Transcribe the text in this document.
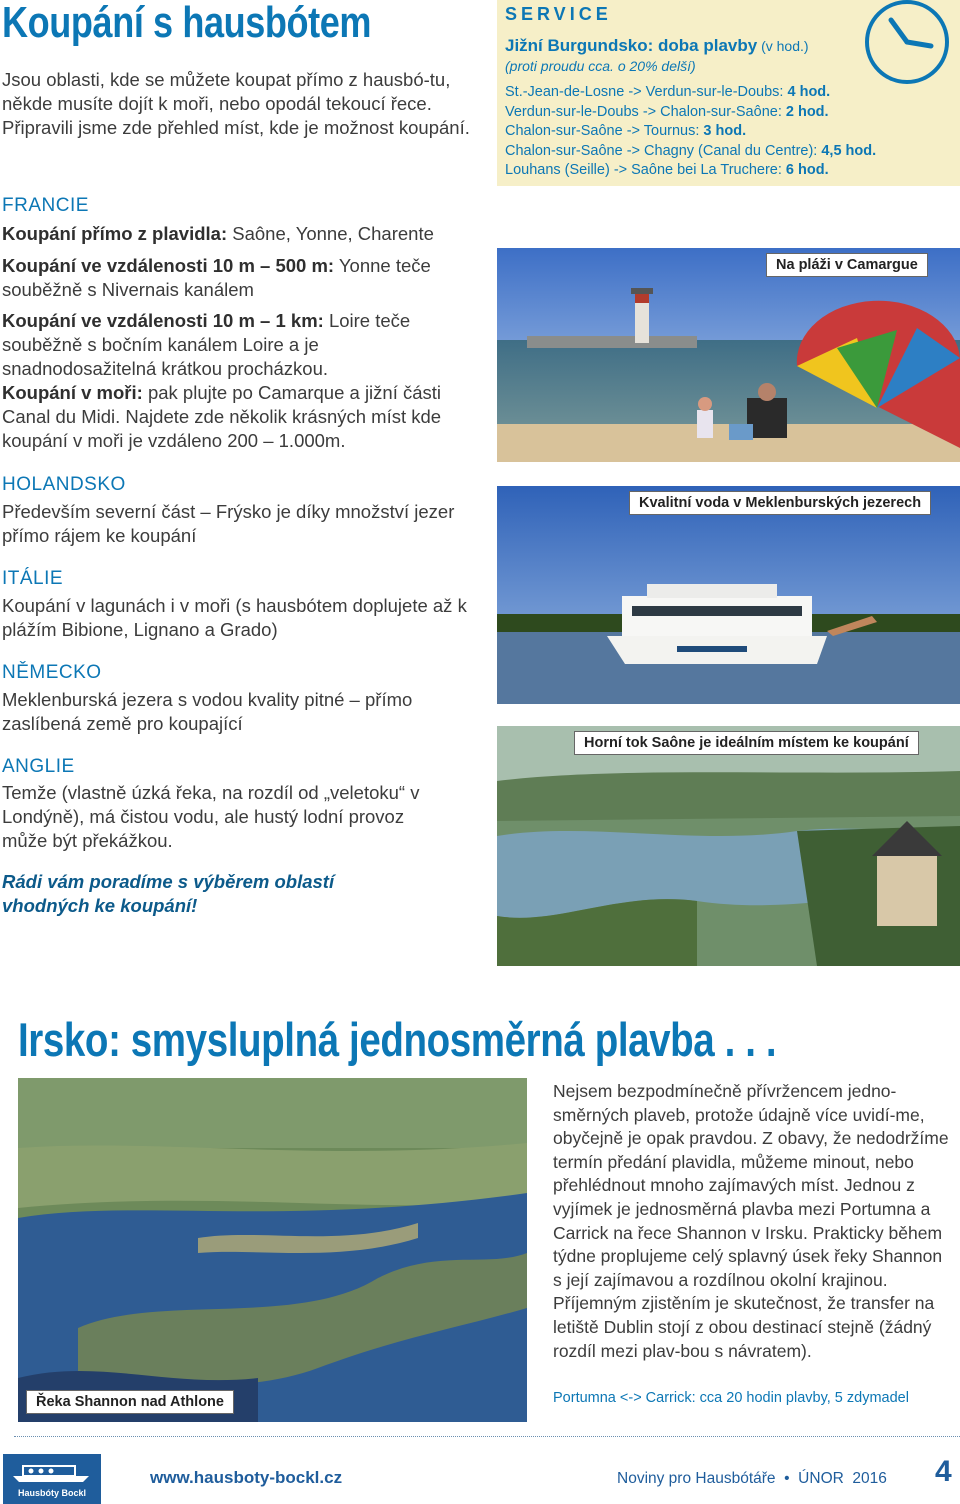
Koupání s hausbótem
Jsou oblasti, kde se můžete koupat přímo z hausbó-tu, někde musíte dojít k moři, nebo opodál tekoucí řece. Připravili jsme zde přehled míst, kde je možnost koupání.
FRANCIE
Koupání přímo z plavidla: Saône, Yonne, Charente
Koupání ve vzdálenosti 10 m – 500 m: Yonne teče souběžně s Nivernais kanálem
Koupání ve vzdálenosti 10 m – 1 km: Loire teče souběžně s bočním kanálem Loire a je snadnodosažitelná krátkou procházkou.
Koupání v moři: pak plujte po Camarque a jižní části Canal du Midi. Najdete zde několik krásných míst kde koupání v moři je vzdáleno 200 – 1.000m.
HOLANDSKO
Především severní část – Frýsko je díky množství jezer přímo rájem ke koupání
ITÁLIE
Koupání v lagunách i v moři (s hausbótem doplujete až k plážím Bibione, Lignano a Grado)
NĚMECKO
Meklenburská jezera s vodou kvality pitné – přímo zaslíbená země pro koupající
ANGLIE
Temže (vlastně úzká řeka, na rozdíl od „veletoku“ v Londýně), má čistou vodu, ale hustý lodní provoz může být překážkou.
Rádi vám poradíme s výběrem oblastí vhodných ke koupání!
SERVICE
Jižní Burgundsko: doba plavby (v hod.)
(proti proudu cca. o 20% delší)
St.-Jean-de-Losne -> Verdun-sur-le-Doubs: 4 hod.
Verdun-sur-le-Doubs -> Chalon-sur-Saône: 2 hod.
Chalon-sur-Saône -> Tournus: 3 hod.
Chalon-sur-Saône -> Chagny (Canal du Centre): 4,5 hod.
Louhans (Seille) -> Saône bei La Truchere: 6 hod.
Na pláži v Camargue
Kvalitní voda v Meklenburských jezerech
Horní tok Saône je ideálním místem ke koupání
Irsko: smysluplná jednosměrná plavba . . .
Řeka Shannon nad Athlone
Nejsem bezpodmínečně přívržencem jedno-směrných plaveb, protože údajně více uvidí-me, obyčejně je opak pravdou. Z obavy, že nedodržíme termín předání plavidla, můžeme minout, nebo přehlédnout mnoho zajímavých míst. Jednou z vyjímek je jednosměrná plavba mezi Portumna a Carrick na řece Shannon v Irsku. Prakticky během týdne proplujeme celý splavný úsek řeky Shannon s její zajímavou a rozdílnou okolní krajinou. Příjemným zjistěním je skutečnost, že transfer na letiště Dublin stojí z obou destinací stejně (žádný rozdíl mezi plav-bou s návratem).
Portumna <-> Carrick: cca 20 hodin plavby, 5 zdymadel
Hausbóty Bockl
www.hausboty-bockl.cz	Noviny pro Hausbótáře  •  ÚNOR  2016 4
